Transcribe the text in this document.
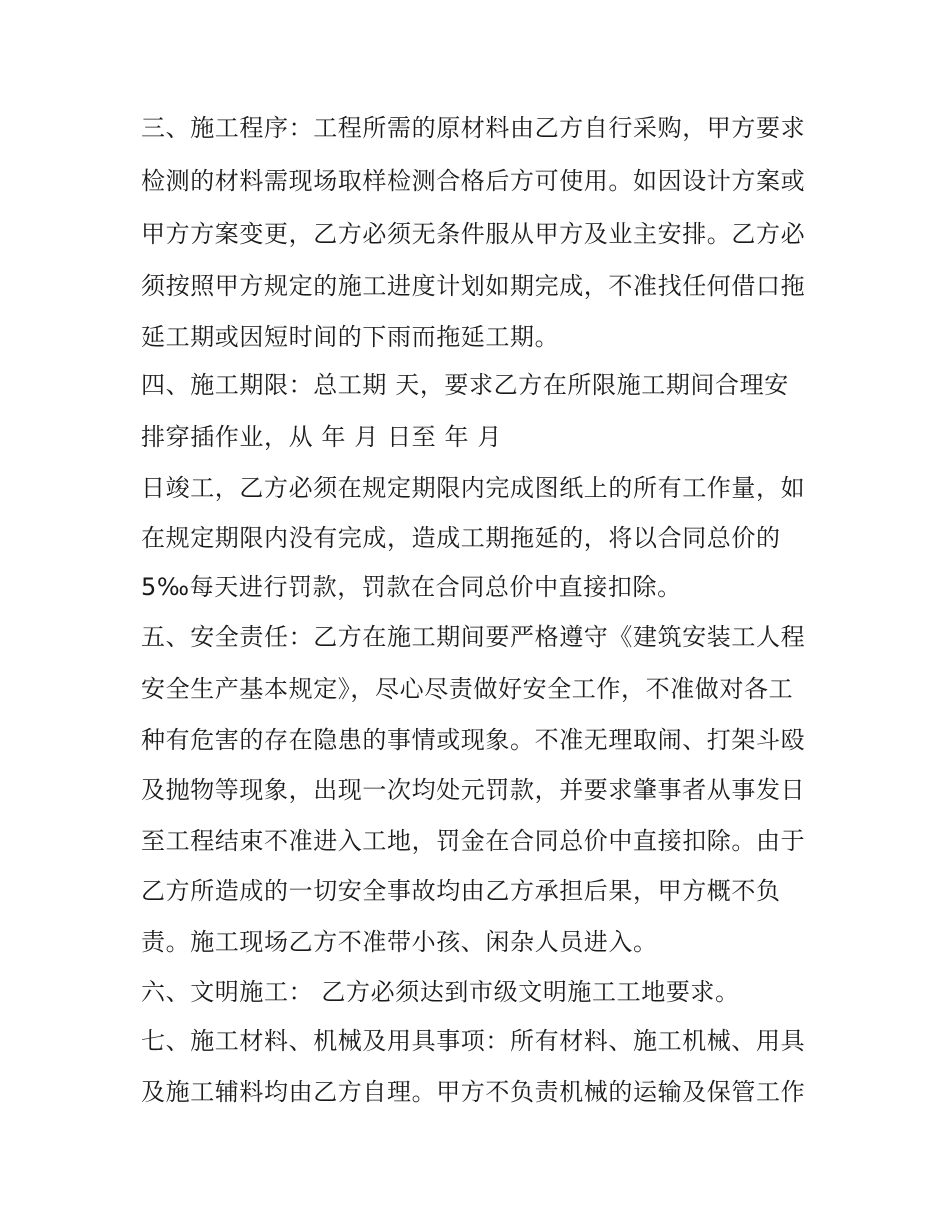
三、施工程序：工程所需的原材料由乙方自行采购，甲方要求
检测的材料需现场取样检测合格后方可使用。如因设计方案或
甲方方案变更，乙方必须无条件服从甲方及业主安排。乙方必
须按照甲方规定的施工进度计划如期完成，不准找任何借口拖
延工期或因短时间的下雨而拖延工期。
四、施工期限：总工期 天，要求乙方在所限施工期间合理安
排穿插作业，从 年 月 日至 年 月
日竣工，乙方必须在规定期限内完成图纸上的所有工作量，如
在规定期限内没有完成，造成工期拖延的，将以合同总价的
5‰每天进行罚款，罚款在合同总价中直接扣除。
五、安全责任：乙方在施工期间要严格遵守《建筑安装工人程
安全生产基本规定》，尽心尽责做好安全工作，不准做对各工
种有危害的存在隐患的事情或现象。不准无理取闹、打架斗殴
及抛物等现象，出现一次均处元罚款，并要求肇事者从事发日
至工程结束不准进入工地，罚金在合同总价中直接扣除。由于
乙方所造成的一切安全事故均由乙方承担后果，甲方概不负
责。施工现场乙方不准带小孩、闲杂人员进入。
六、文明施工： 乙方必须达到市级文明施工工地要求。
七、施工材料、机械及用具事项：所有材料、施工机械、用具
及施工辅料均由乙方自理。甲方不负责机械的运输及保管工作
